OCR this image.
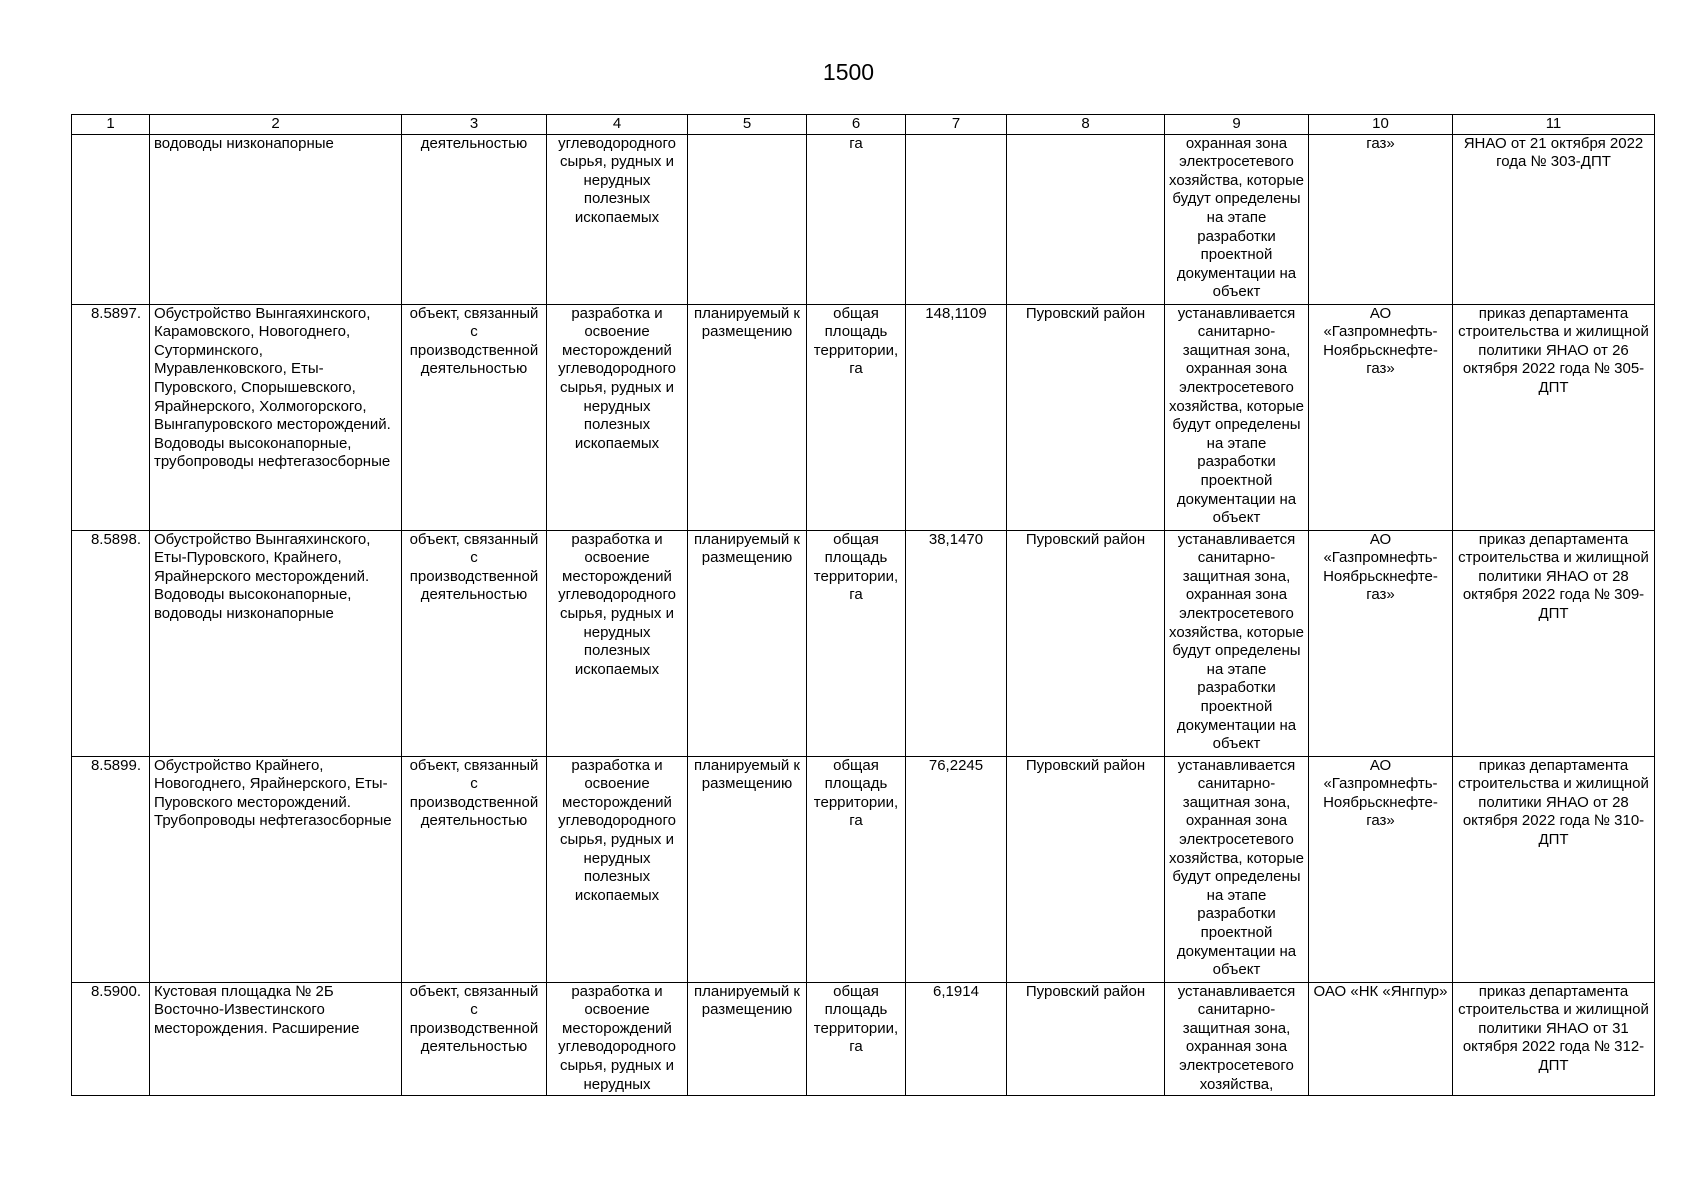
1500
1	2	3	4	5	6	7	8	9	10	11
	водоводы низконапорные	деятельностью	углеводородного сырья, рудных и нерудных полезных ископаемых		га			охранная зона электросетевого хозяйства, которые будут определены на этапе разработки проектной документации на объект	газ»	ЯНАО от 21 октября 2022 года № 303-ДПТ
8.5897.	Обустройство Вынгаяхинского, Карамовского, Новогоднего, Суторминского, Муравленковского, Еты-Пуровского, Спорышевского, Ярайнерского, Холмогорского, Вынгапуровского месторождений. Водоводы высоконапорные, трубопроводы нефтегазосборные	объект, связанный с производственной деятельностью	разработка и освоение месторождений углеводородного сырья, рудных и нерудных полезных ископаемых	планируемый к размещению	общая площадь территории, га	148,1109	Пуровский район	устанавливается санитарно-защитная зона, охранная зона электросетевого хозяйства, которые будут определены на этапе разработки проектной документации на объект	АО «Газпромнефть-Ноябрьскнефте-газ»	приказ департамента строительства и жилищной политики ЯНАО от 26 октября 2022 года № 305-ДПТ
8.5898.	Обустройство Вынгаяхинского, Еты-Пуровского, Крайнего, Ярайнерского месторождений. Водоводы высоконапорные, водоводы низконапорные	объект, связанный с производственной деятельностью	разработка и освоение месторождений углеводородного сырья, рудных и нерудных полезных ископаемых	планируемый к размещению	общая площадь территории, га	38,1470	Пуровский район	устанавливается санитарно-защитная зона, охранная зона электросетевого хозяйства, которые будут определены на этапе разработки проектной документации на объект	АО «Газпромнефть-Ноябрьскнефте-газ»	приказ департамента строительства и жилищной политики ЯНАО от 28 октября 2022 года № 309-ДПТ
8.5899.	Обустройство Крайнего, Новогоднего, Ярайнерского, Еты-Пуровского месторождений. Трубопроводы нефтегазосборные	объект, связанный с производственной деятельностью	разработка и освоение месторождений углеводородного сырья, рудных и нерудных полезных ископаемых	планируемый к размещению	общая площадь территории, га	76,2245	Пуровский район	устанавливается санитарно-защитная зона, охранная зона электросетевого хозяйства, которые будут определены на этапе разработки проектной документации на объект	АО «Газпромнефть-Ноябрьскнефте-газ»	приказ департамента строительства и жилищной политики ЯНАО от 28 октября 2022 года № 310-ДПТ
8.5900.	Кустовая площадка № 2Б Восточно-Известинского месторождения. Расширение	объект, связанный с производственной деятельностью	разработка и освоение месторождений углеводородного сырья, рудных и нерудных	планируемый к размещению	общая площадь территории, га	6,1914	Пуровский район	устанавливается санитарно-защитная зона, охранная зона электросетевого хозяйства,	ОАО «НК «Янгпур»	приказ департамента строительства и жилищной политики ЯНАО от 31 октября 2022 года № 312-ДПТ
